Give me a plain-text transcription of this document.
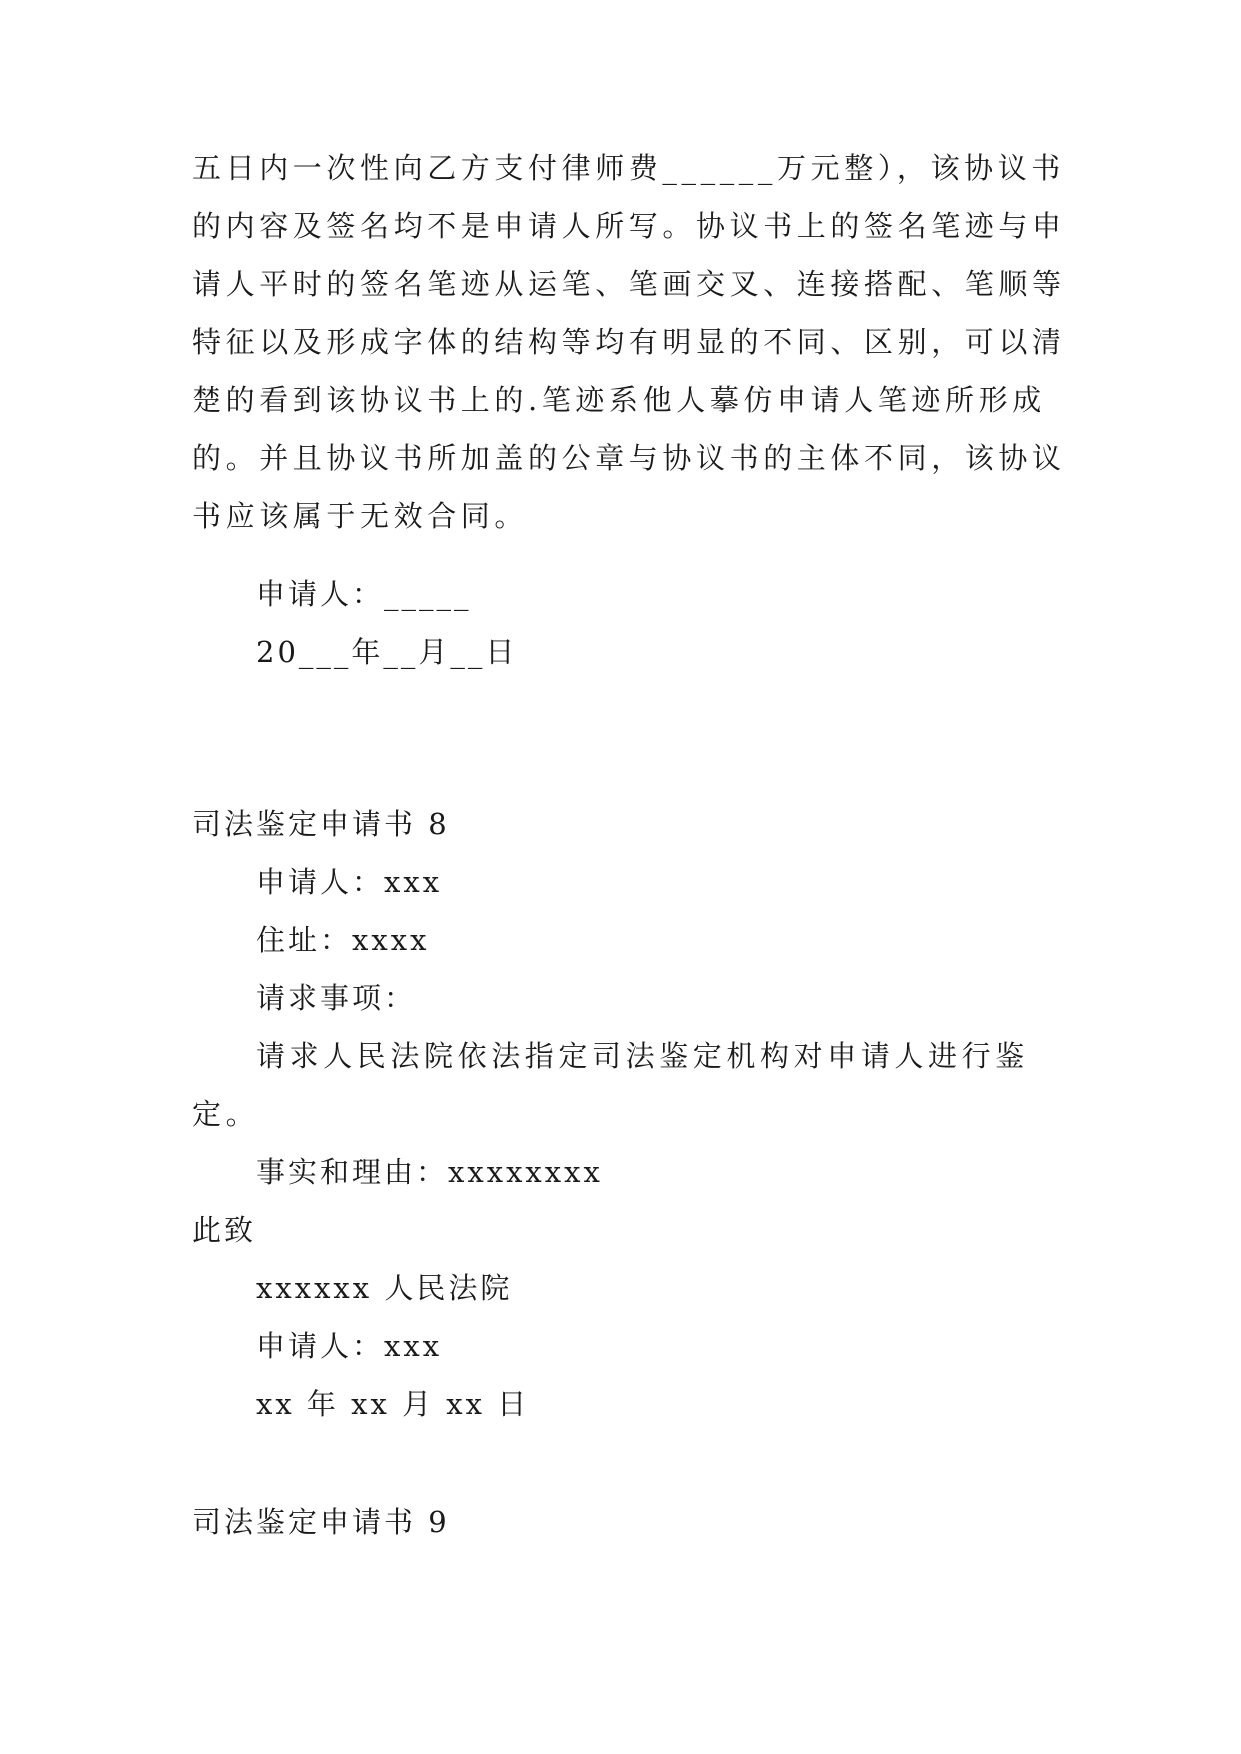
五日内一次性向乙方支付律师费______万元整），该协议书
的内容及签名均不是申请人所写。协议书上的签名笔迹与申
请人平时的签名笔迹从运笔、笔画交叉、连接搭配、笔顺等
特征以及形成字体的结构等均有明显的不同、区别，可以清
楚的看到该协议书上的.笔迹系他人摹仿申请人笔迹所形成
的。并且协议书所加盖的公章与协议书的主体不同，该协议
书应该属于无效合同。
申请人：_____
20___年__月__日
司法鉴定申请书 8
申请人：xxx
住址：xxxx
请求事项：
请求人民法院依法指定司法鉴定机构对申请人进行鉴
定。
事实和理由：xxxxxxxx
此致
xxxxxx 人民法院
申请人：xxx
xx 年 xx 月 xx 日
司法鉴定申请书 9
